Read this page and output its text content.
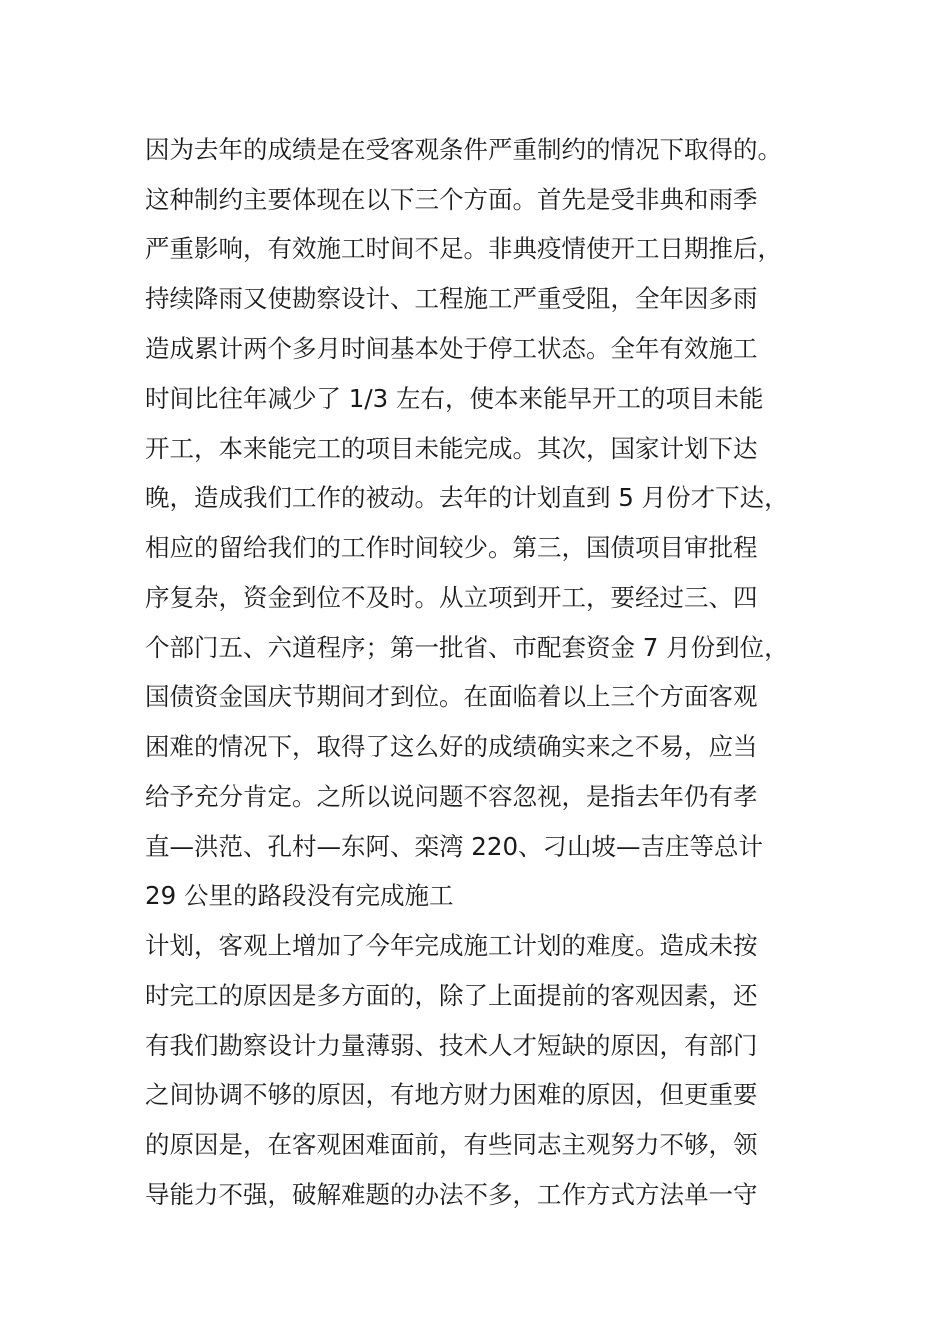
因为去年的成绩是在受客观条件严重制约的情况下取得的。
这种制约主要体现在以下三个方面。首先是受非典和雨季
严重影响，有效施工时间不足。非典疫情使开工日期推后，
持续降雨又使勘察设计、工程施工严重受阻，全年因多雨
造成累计两个多月时间基本处于停工状态。全年有效施工
时间比往年减少了 1/3 左右，使本来能早开工的项目未能
开工，本来能完工的项目未能完成。其次，国家计划下达
晚，造成我们工作的被动。去年的计划直到 5 月份才下达，
相应的留给我们的工作时间较少。第三，国债项目审批程
序复杂，资金到位不及时。从立项到开工，要经过三、四
个部门五、六道程序；第一批省、市配套资金 7 月份到位，
国债资金国庆节期间才到位。在面临着以上三个方面客观
困难的情况下，取得了这么好的成绩确实来之不易，应当
给予充分肯定。之所以说问题不容忽视，是指去年仍有孝
直—洪范、孔村—东阿、栾湾 220、刁山坡—吉庄等总计
29 公里的路段没有完成施工
计划，客观上增加了今年完成施工计划的难度。造成未按
时完工的原因是多方面的，除了上面提前的客观因素，还
有我们勘察设计力量薄弱、技术人才短缺的原因，有部门
之间协调不够的原因，有地方财力困难的原因，但更重要
的原因是，在客观困难面前，有些同志主观努力不够，领
导能力不强，破解难题的办法不多，工作方式方法单一守
